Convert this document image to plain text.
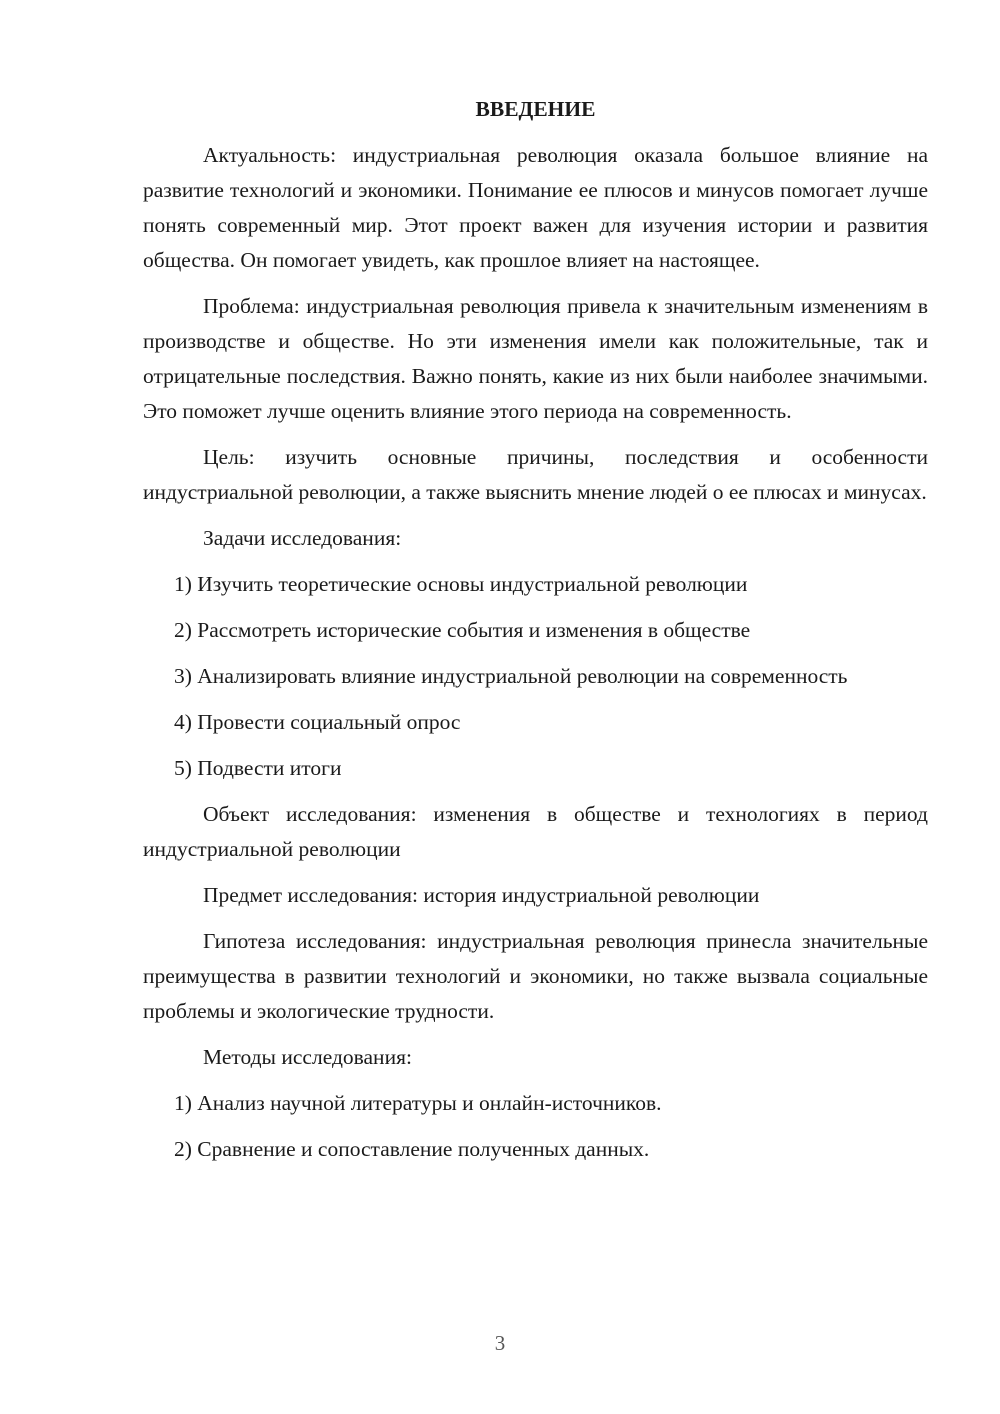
ВВЕДЕНИЕ

Актуальность: индустриальная революция оказала большое влияние на развитие технологий и экономики. Понимание ее плюсов и минусов помогает лучше понять современный мир. Этот проект важен для изучения истории и развития общества. Он помогает увидеть, как прошлое влияет на настоящее.

Проблема: индустриальная революция привела к значительным изменениям в производстве и обществе. Но эти изменения имели как положительные, так и отрицательные последствия. Важно понять, какие из них были наиболее значимыми. Это поможет лучше оценить влияние этого периода на современность.

Цель: изучить основные причины, последствия и особенности индустриальной революции, а также выяснить мнение людей о ее плюсах и минусах.

Задачи исследования:

1) Изучить теоретические основы индустриальной революции

2) Рассмотреть исторические события и изменения в обществе

3) Анализировать влияние индустриальной революции на современность

4) Провести социальный опрос

5) Подвести итоги

Объект исследования: изменения в обществе и технологиях в период индустриальной революции

Предмет исследования: история индустриальной революции

Гипотеза исследования: индустриальная революция принесла значительные преимущества в развитии технологий и экономики, но также вызвала социальные проблемы и экологические трудности.

Методы исследования:

1) Анализ научной литературы и онлайн-источников.

2) Сравнение и сопоставление полученных данных.

3
